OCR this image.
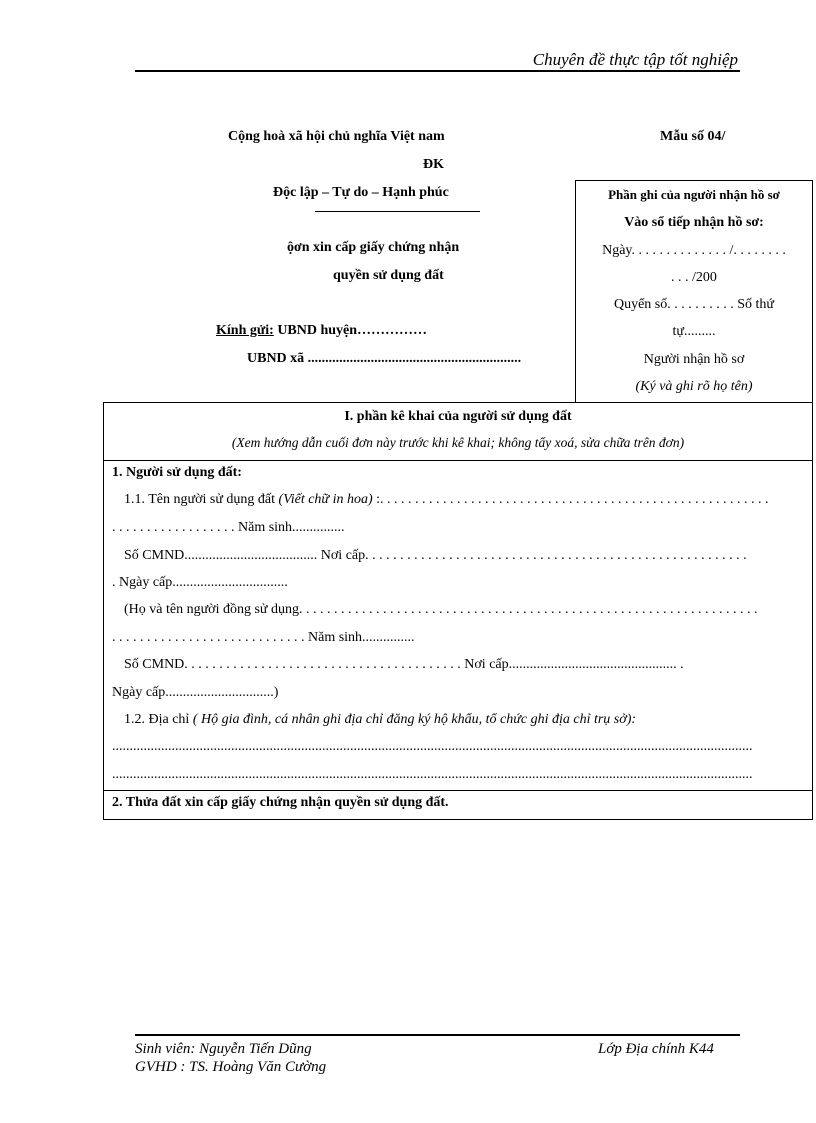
Chuyên đề thực tập tốt nghiệp
Cộng hoà xã hội chủ nghĩa Việt nam	Mẫu số 04/
ĐK
Độc lập – Tự do – Hạnh phúc
ộơn xin cấp giấy chứng nhận
quyền sử dụng đất
Kính gửi: UBND huyện……………
UBND xã .............................................................
Phần ghi của người nhận hồ sơ
Vào sổ tiếp nhận hồ sơ:
Ngày. . . . . . . . . . . . . . /. . . . . . . .
. . . /200
Quyển số. . . . . . . . . . Số thứ
tự.........
Người nhận hồ sơ
(Ký và ghi rõ họ tên)
I. phần kê khai của người sử dụng đất
(Xem hướng dẫn cuối đơn này trước khi kê khai; không tẩy xoá, sửa chữa trên đơn)
1. Người sử dụng đất:
1.1. Tên người sử dụng đất (Viết chữ in hoa) :. . . . . . . . . . . . . . . . . . . . . . . . . . . . . . . . . . . . . . . . . . . . . . . . . . . . . . . .
. . . . . . . . . . . . . . . . . . Năm sinh...............
Số CMND...................................... Nơi cấp. . . . . . . . . . . . . . . . . . . . . . . . . . . . . . . . . . . . . . . . . . . . . . . . . . . . . . .
. Ngày cấp.................................
(Họ và tên người đồng sử dụng. . . . . . . . . . . . . . . . . . . . . . . . . . . . . . . . . . . . . . . . . . . . . . . . . . . . . . . . . . . . . . . . . .
. . . . . . . . . . . . . . . . . . . . . . . . . . . . Năm sinh...............
Số CMND. . . . . . . . . . . . . . . . . . . . . . . . . . . . . . . . . . . . . . . . Nơi cấp................................................ .
Ngày cấp...............................)
1.2. Địa chỉ ( Hộ gia đình, cá nhân ghi địa chỉ đăng ký hộ khẩu, tổ chức ghi địa chỉ trụ sở):
.......................................................................................................................................................................................
.......................................................................................................................................................................................
2. Thửa đất xin cấp giấy chứng nhận quyền sử dụng đất.
Sinh viên: Nguyễn Tiến Dũng	Lớp Địa chính K44
GVHD : TS. Hoàng Văn Cường
